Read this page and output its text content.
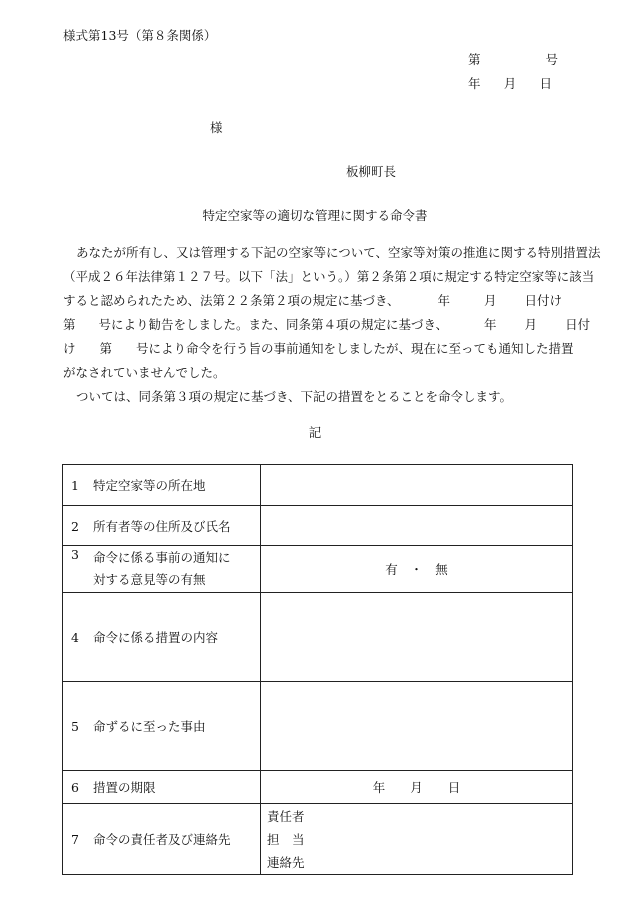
様式第13号（第８条関係）
第	号
年 月 日
様
板柳町長
特定空家等の適切な管理に関する命令書
あなたが所有し、又は管理する下記の空家等について、空家等対策の推進に関する特別措置法
（平成２６年法律第１２７号。以下「法」という。）第２条第２項に規定する特定空家等に該当
すると認められたため、法第２２条第２項の規定に基づき、	年	月 日付け
第 号により勧告をしました。また、同条第４項の規定に基づき、	年 月 日付
け 第 号により命令を行う旨の事前通知をしましたが、現在に至っても通知した措置
がなされていませんでした。
ついては、同条第３項の規定に基づき、下記の措置をとることを命令します。
記
1 特定空家等の所在地	
2 所有者等の住所及び氏名	

3 命令に係る事前の通知に
対する意見等の有無	有　・　無
4 命令に係る措置の内容	
5 命ずるに至った事由	
6 措置の期限	年　　月　　日
7 命令の責任者及び連絡先	責任者
担　当
連絡先
